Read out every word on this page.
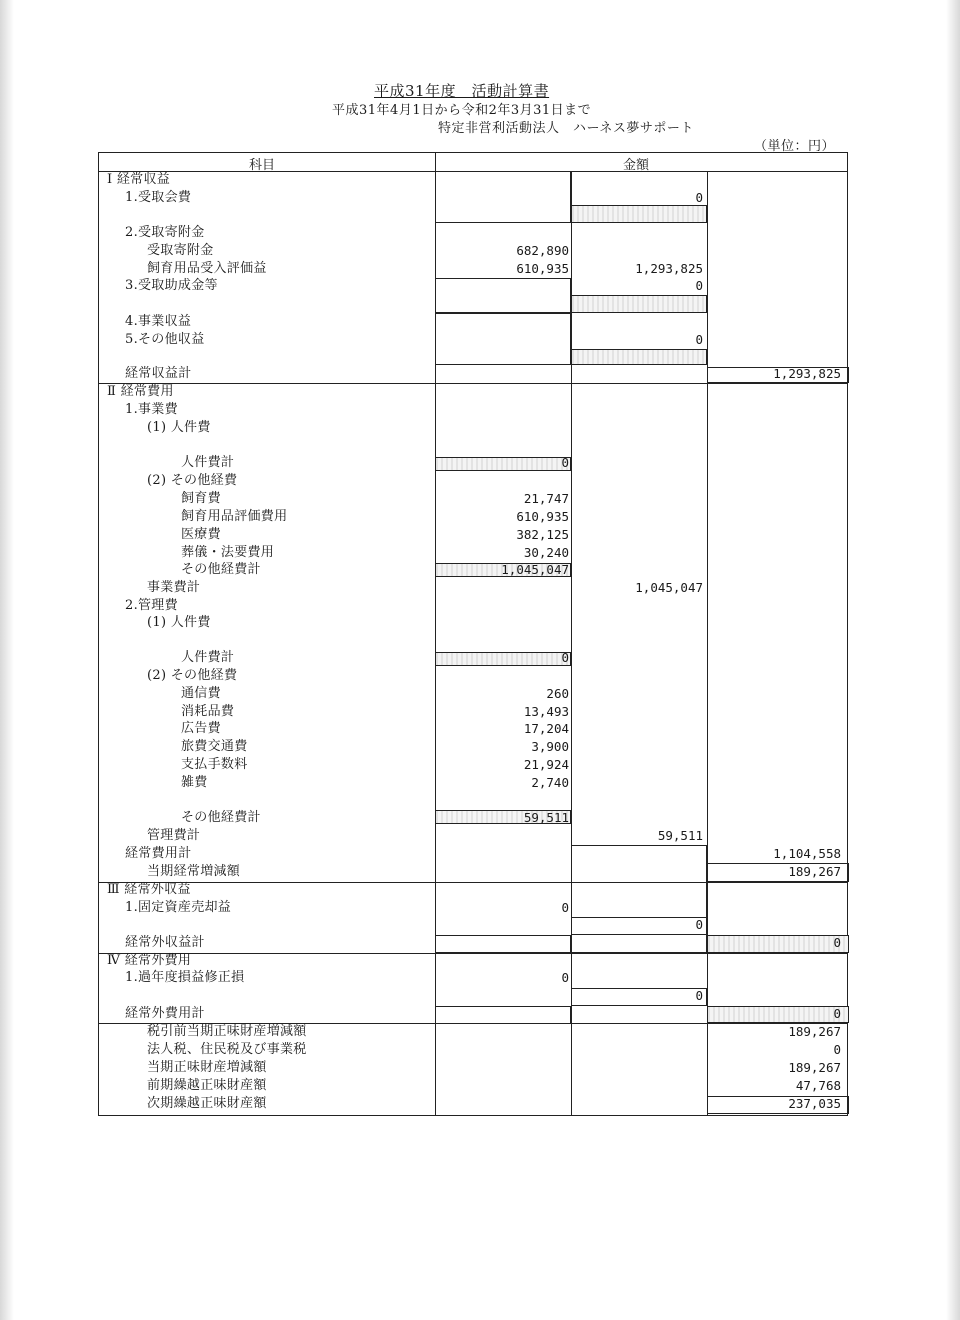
平成31年度　活動計算書
平成31年4月1日から令和2年3月31日まで
特定非営利活動法人　ハーネス夢サポート
（単位：円）
科目	金額
Ⅰ 経常収益
1.受取会費	0
2.受取寄附金
受取寄附金	682,890
飼育用品受入評価益	610,935	1,293,825
3.受取助成金等	0
4.事業収益
5.その他収益	0
経常収益計	1,293,825
Ⅱ 経常費用
1.事業費
(1) 人件費
人件費計	0
(2) その他経費
飼育費	21,747
飼育用品評価費用	610,935
医療費	382,125
葬儀・法要費用	30,240
その他経費計	1,045,047
事業費計	1,045,047
2.管理費
(1) 人件費
人件費計	0
(2) その他経費
通信費	260
消耗品費	13,493
広告費	17,204
旅費交通費	3,900
支払手数料	21,924
雑費	2,740
その他経費計	59,511
管理費計	59,511
経常費用計	1,104,558
当期経常増減額	189,267
Ⅲ 経常外収益
1.固定資産売却益	0
0
経常外収益計	0
Ⅳ 経常外費用
1.過年度損益修正損	0
0
経常外費用計	0
税引前当期正味財産増減額	189,267
法人税、住民税及び事業税	0
当期正味財産増減額	189,267
前期繰越正味財産額	47,768
次期繰越正味財産額	237,035
